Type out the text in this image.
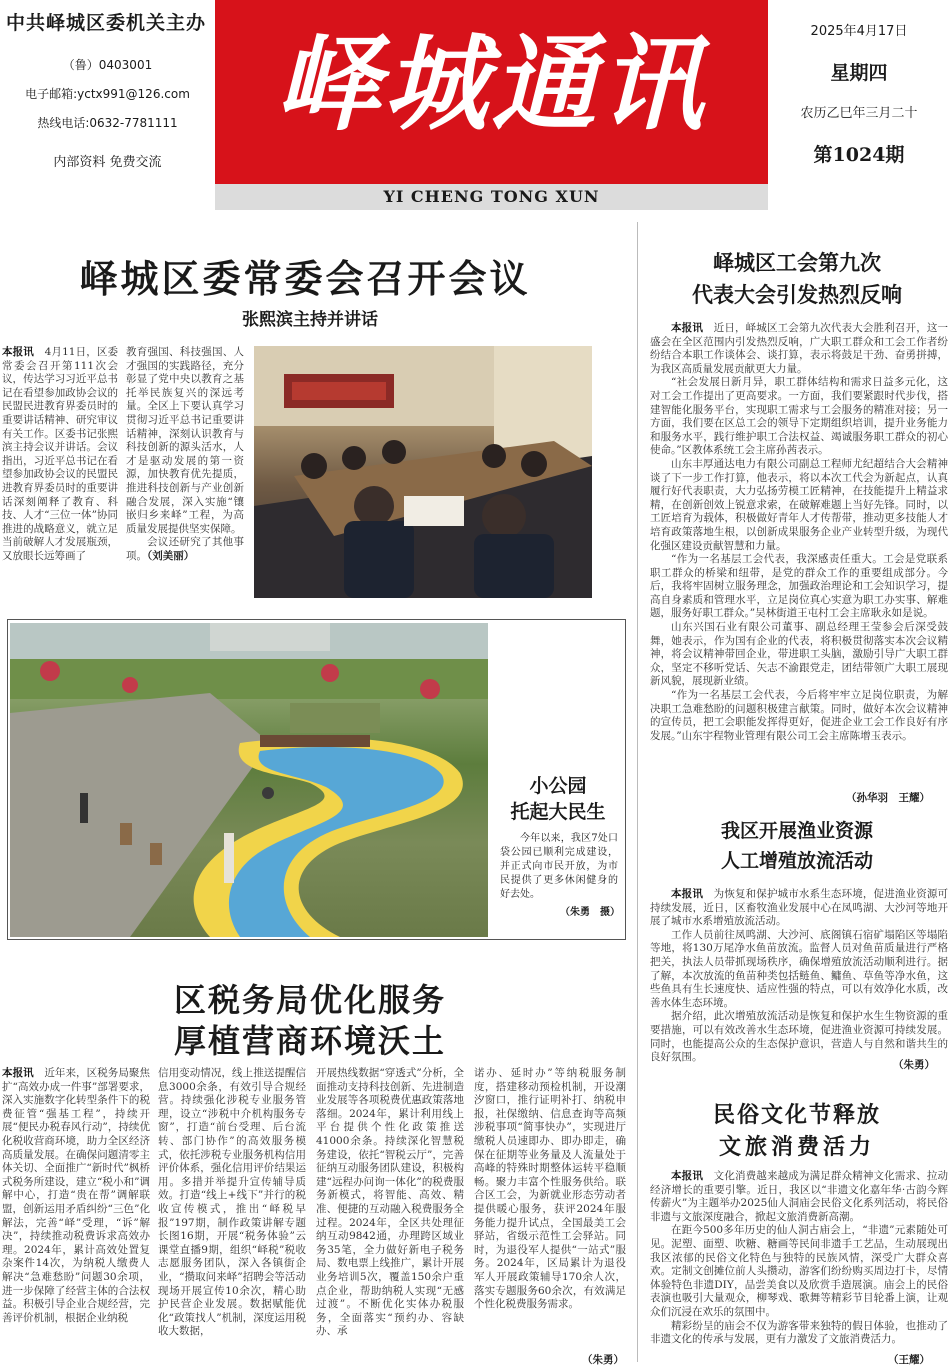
中共峄城区委机关主办
（鲁）0403001
电子邮箱:yctx991@126.com
热线电话:0632-7781111
内部资料 免费交流
峄城通讯	2025年4月17日
星期四
农历乙巳年三月二十
第1024期
YI CHENG TONG XUN
峄城区委常委会召开会议
张熙滨主持并讲话

本报讯　 4月11日，区委常委会召开第111次会议，传达学习习近平总书记在看望参加政协会议的民盟民进教育界委员时的重要讲话精神、研究审议有关工作。区委书记张熙滨主持会议并讲话。会议指出，习近平总书记在看望参加政协会议的民盟民进教育界委员时的重要讲话深刻阐释了教育、科技、人才“三位一体”协同推进的战略意义，就立足当前破解人才发展瓶颈，又放眼长远筹画了

教育强国、科技强国、人才强国的实践路径，充分彰显了党中央以教育之基托举民族复兴的深远考量。全区上下要认真学习贯彻习近平总书记重要讲话精神，深刻认识教育与科技创新的源头活水，人才是驱动发展的第一资源，加快教育优先提质，推进科技创新与产业创新融合发展，深入实施“镶嵌归乡来峄”工程，为高质量发展提供坚实保障。

会议还研究了其他事项。（刘美丽）

小公园
托起大民生

今年以来，我区7处口袋公园已顺利完成建设，并正式向市民开放，为市民提供了更多休闲健身的好去处。

（朱勇　摄）
区税务局优化服务
厚植营商环境沃土

本报讯　 近年来，区税务局聚焦扩“高效办成一件事”部署要求，深入实施数字化转型条件下的税费征管“强基工程”，持续开展“便民办税春风行动”，持续优化税收营商环境，助力全区经济高质量发展。在确保问题清零主体关切、全面推广“新时代”枫桥式税务所建设，建立“税小和”调解中心，打造“贵在帮”调解联盟，创新运用矛盾纠纷“三色”化解法，完善“峄”受理，“诉”解决”，持续推动税费诉求高效办理。2024年，累计高效处置复杂案件14次，为纳税人缴费人解决“急难愁盼”问题30余项，进一步保障了经营主体的合法权益。积极引导企业合规经营，完善评价机制，根据企业纳税

信用变动情况，线上推送提醒信息3000余条，有效引导合规经营。持续强化涉税专业服务管理，设立“涉税中介机构服务专窗”，打造“前台受理、后台流转、部门协作”的高效服务模式，依托涉税专业服务机构信用评价体系，强化信用评价结果运用。多措并举提升宣传辅导质效。打造“线上+线下”并行的税收宣传模式，推出“峄税早报”197期，制作政策讲解专题长图16期，开展“税务体验”云课堂直播9期，组织“峄税”税收志愿服务团队，深入各镇街企业，“攒取问来峄”招聘会等活动现场开展宣传10余次，精心助护民营企业发展。数据赋能优化“政策找人”机制，深度运用税收大数据，

开展热线数据“穿透式”分析，全面推动支持科技创新、先进制造业发展等各项税费优惠政策落地落细。2024年，累计利用线上平台提供个性化政策推送41000余条。持续深化智慧税务建设，依托“智税云厅”，完善征纳互动服务团队建设，积极构建“远程办问询一体化”的税费服务新模式，将智能、高效、精准、便捷的互动融入税费服务全过程。2024年，全区共处理征纳互动9842通，办理跨区域业务35笔，全力做好新电子税务局、数电票上线推广，累计开展业务培训5次，覆盖150余户重点企业，帮助纳税人实现“无感过渡”。不断优化实体办税服务，全面落实“预约办、容缺办、承

诺办、延时办”等纳税服务制度，搭建移动预检机制，开设潮汐窗口，推行证明补打、纳税申报，社保缴纳、信息查询等高频涉税事项“简事快办”，实现进厅缴税人员速即办、即办即走，确保在征期等业务量及人流量处于高峰的特殊时期整体运转平稳顺畅。聚力丰富个性服务供给。联合区工会，为新就业形态劳动者提供暖心服务，获评2024年服务能力提升试点，全国最美工会驿站，省级示范性工会驿站。同时，为退役军人提供“一站式”服务。2024年，区局累计为退役军人开展政策辅导170余人次，落实专题服务60余次，有效满足个性化税费服务需求。

（朱勇）
峄城区工会第九次
代表大会引发热烈反响

本报讯　 近日，峄城区工会第九次代表大会胜利召开，这一盛会在全区范围内引发热烈反响，广大职工群众和工会工作者纷纷结合本职工作谈体会、谈打算，表示将鼓足干劲、奋勇拼搏，为我区高质量发展贡献更大力量。

“社会发展日新月异，职工群体结构和需求日益多元化，这对工会工作提出了更高要求。一方面，我们要紧跟时代步伐，搭建智能化服务平台，实现职工需求与工会服务的精准对接；另一方面，我们要在区总工会的领导下定期组织培训，提升业务能力和服务水平，践行维护职工合法权益、竭诚服务职工群众的初心使命。”区教体系统工会主席孙茜表示。

山东丰厚通达电力有限公司副总工程师尤纪超结合大会精神谈了下一步工作打算，他表示，将以本次工代会为新起点，认真履行好代表职责，大力弘扬劳模工匠精神，在技能提升上精益求精，在创新创效上锐意求索，在破解难题上当好先锋。同时，以工匠培育为载体，积极做好青年人才传帮带，推动更多技能人才培育政策落地生根，以创新成果服务企业产业转型升级，为现代化强区建设贡献智慧和力量。

“作为一名基层工会代表，我深感责任重大。工会是党联系职工群众的桥梁和纽带，是党的群众工作的重要组成部分。今后，我将牢固树立服务理念，加强政治理论和工会知识学习，提高自身素质和管理水平，立足岗位真心实意为职工办实事、解难题，服务好职工群众。”吴林街道王屯村工会主席耿永如是说。

山东兴国石业有限公司董事、副总经理王莹参会后深受鼓舞，她表示，作为国有企业的代表，将积极贯彻落实本次会议精神，将会议精神带回企业，带进职工头脑，激励引导广大职工群众，坚定不移听党话、矢志不渝跟党走，团结带领广大职工展现新风貌，展现新业绩。

“作为一名基层工会代表，今后将牢牢立足岗位职责，为解决职工急难愁盼的问题积极建言献策。同时，做好本次会议精神的宣传员，把工会职能发挥得更好，促进企业工会工作良好有序发展。”山东宇程物业管理有限公司工会主席陈增玉表示。

（孙华羽　王耀）
我区开展渔业资源
人工增殖放流活动

本报讯　 为恢复和保护城市水系生态环境，促进渔业资源可持续发展，近日，区畜牧渔业发展中心在凤鸣湖、大沙河等地开展了城市水系增殖放流活动。

工作人员前往凤鸣湖、大沙河、底阁镇石宿矿塌陷区等塌陷等地，将130万尾净水鱼苗放流。监督人员对鱼苗质量进行严格把关，执法人员带抓现场秩序，确保增殖放流活动顺利进行。据了解，本次放流的鱼苗种类包括鲢鱼、鳙鱼、草鱼等净水鱼，这些鱼具有生长速度快、适应性强的特点，可以有效净化水质，改善水体生态环境。

据介绍，此次增殖放流活动是恢复和保护水生生物资源的重要措施，可以有效改善水生态环境，促进渔业资源可持续发展。同时，也能提高公众的生态保护意识，营造人与自然和谐共生的良好氛围。

（朱勇）
民俗文化节释放
文旅消费活力

本报讯　 文化消费越来越成为满足群众精神文化需求、拉动经济增长的重要引擎。近日，我区以“非遗文化嘉年华·古韵今辉传薪火”为主题举办2025仙人洞庙会民俗文化系列活动，将民俗非遗与文旅深度融合，掀起文旅消费新高潮。

在距今500多年历史的仙人洞古庙会上，“非遗”元素随处可见。泥塑、面塑、吹糖、糖画等民间非遗手工艺品，生动展现出我区浓郁的民俗文化特色与独特的民族风情，深受广大群众喜欢。定制文创摊位前人头攒动，游客们纷纷购买周边打卡，尽情体验特色非遗DIY，品尝美食以及欣赏手造展演。庙会上的民俗表演也吸引大量观众，柳琴戏、歌舞等精彩节目轮番上演，让观众们沉浸在欢乐的氛围中。

精彩纷呈的庙会不仅为游客带来独特的假日体验，也推动了非遗文化的传承与发展，更有力激发了文旅消费活力。

（王耀）
